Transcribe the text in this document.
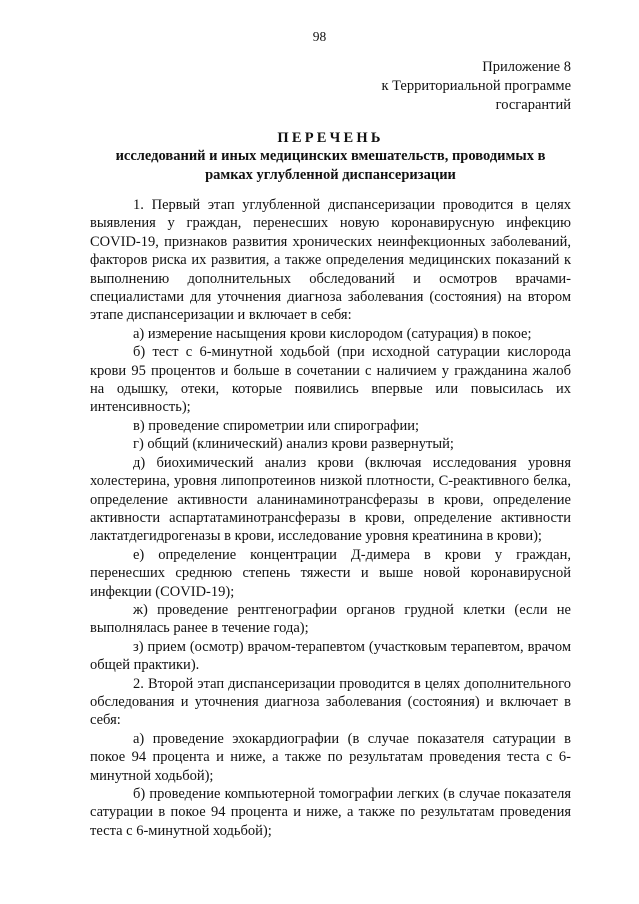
98
Приложение 8
к Территориальной программе
госгарантий
ПЕРЕЧЕНЬ
исследований и иных медицинских вмешательств, проводимых в
рамках углубленной диспансеризации

1. Первый этап углубленной диспансеризации проводится в целях выявления у граждан, перенесших новую коронавирусную инфекцию COVID-19, признаков развития хронических неинфекционных заболеваний, факторов риска их развития, а также определения медицинских показаний к выполнению дополнительных обследований и осмотров врачами-специалистами для уточнения диагноза заболевания (состояния) на втором этапе диспансеризации и включает в себя:

а) измерение насыщения крови кислородом (сатурация) в покое;

б) тест с 6-минутной ходьбой (при исходной сатурации кислорода крови 95 процентов и больше в сочетании с наличием у гражданина жалоб на одышку, отеки, которые появились впервые или повысилась их интенсивность);

в) проведение спирометрии или спирографии;

г) общий (клинический) анализ крови развернутый;

д) биохимический анализ крови (включая исследования уровня холестерина, уровня липопротеинов низкой плотности, С-реактивного белка, определение активности аланинаминотрансферазы в крови, определение активности аспартатаминотрансферазы в крови, определение активности лактатдегидрогеназы в крови, исследование уровня креатинина в крови);

е) определение концентрации Д-димера в крови у граждан, перенесших среднюю степень тяжести и выше новой коронавирусной инфекции (COVID-19);

ж) проведение рентгенографии органов грудной клетки (если не выполнялась ранее в течение года);

з) прием (осмотр) врачом-терапевтом (участковым терапевтом, врачом общей практики).

2. Второй этап диспансеризации проводится в целях дополнительного обследования и уточнения диагноза заболевания (состояния) и включает в себя:

а) проведение эхокардиографии (в случае показателя сатурации в покое 94 процента и ниже, а также по результатам проведения теста с 6-минутной ходьбой);

б) проведение компьютерной томографии легких (в случае показателя сатурации в покое 94 процента и ниже, а также по результатам проведения теста с 6-минутной ходьбой);
